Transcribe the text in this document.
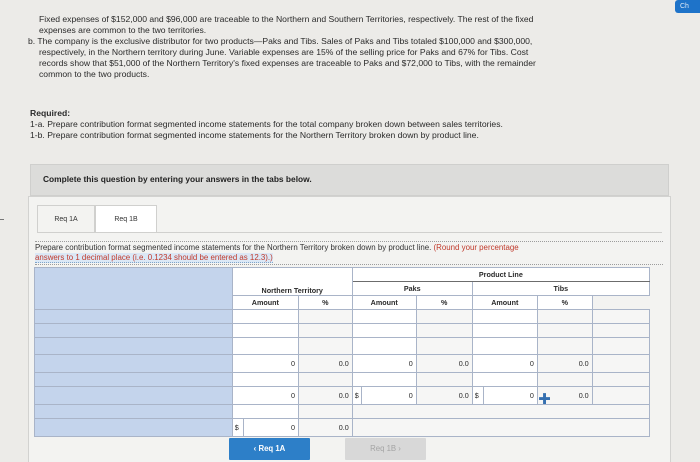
Ch

Fixed expenses of $152,000 and $96,000 are traceable to the Northern and Southern Territories, respectively. The rest of the fixed

expenses are common to the two territories.

b. The company is the exclusive distributor for two products—Paks and Tibs. Sales of Paks and Tibs totaled $100,000 and $300,000,

respectively, in the Northern territory during June. Variable expenses are 15% of the selling price for Paks and 67% for Tibs. Cost

records show that $51,000 of the Northern Territory's fixed expenses are traceable to Paks and $72,000 to Tibs, with the remainder

common to the two products.

Required:
1-a. Prepare contribution format segmented income statements for the total company broken down between sales territories.
1-b. Prepare contribution format segmented income statements for the Northern Territory broken down by product line.
Complete this question by entering your answers in the tabs below.
Req 1A	Req 1B
Prepare contribution format segmented income statements for the Northern Territory broken down by product line. (Round your percentage
answers to 1 decimal place (i.e. 0.1234 should be entered as 12.3).)
	Northern Territory			Product Line						
				Paks			Tibs			
	Amount		%	Amount		%	Amount		%	

	0		0.0	0		0.0	0		0.0	

	0		0.0	$	0	0.0	$	0	0.0	

	$	0	0.0							
✚
‹ Req 1A	Req 1B ›
